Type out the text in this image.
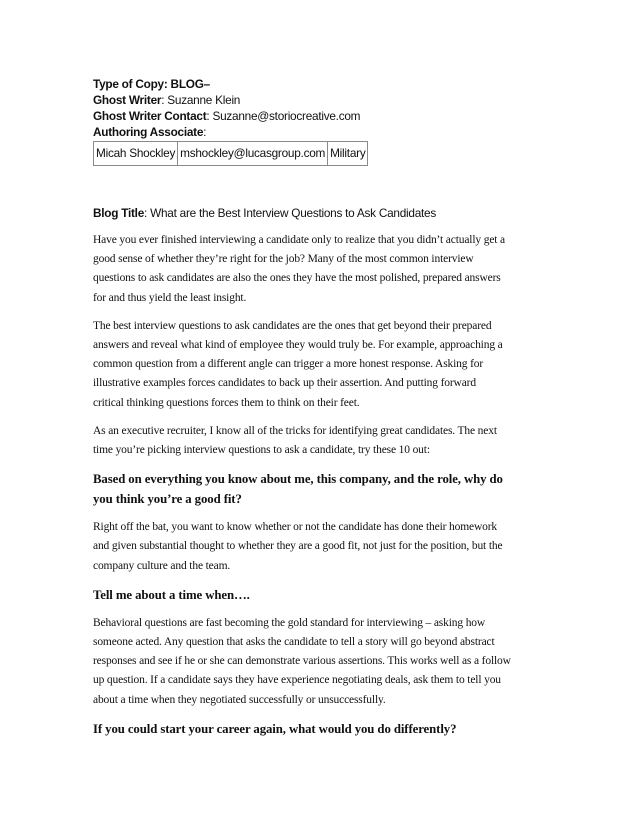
Type of Copy: BLOG–
Ghost Writer: Suzanne Klein
Ghost Writer Contact: Suzanne@storiocreative.com
Authoring Associate:
Micah Shockley	mshockley@lucasgroup.com	Military
Blog Title: What are the Best Interview Questions to Ask Candidates

Have you ever finished interviewing a candidate only to realize that you didn’t actually get a
good sense of whether they’re right for the job? Many of the most common interview
questions to ask candidates are also the ones they have the most polished, prepared answers
for and thus yield the least insight.

The best interview questions to ask candidates are the ones that get beyond their prepared
answers and reveal what kind of employee they would truly be. For example, approaching a
common question from a different angle can trigger a more honest response. Asking for
illustrative examples forces candidates to back up their assertion. And putting forward
critical thinking questions forces them to think on their feet.

As an executive recruiter, I know all of the tricks for identifying great candidates. The next
time you’re picking interview questions to ask a candidate, try these 10 out:

Based on everything you know about me, this company, and the role, why do
you think you’re a good fit?

Right off the bat, you want to know whether or not the candidate has done their homework
and given substantial thought to whether they are a good fit, not just for the position, but the
company culture and the team.

Tell me about a time when….

Behavioral questions are fast becoming the gold standard for interviewing – asking how
someone acted. Any question that asks the candidate to tell a story will go beyond abstract
responses and see if he or she can demonstrate various assertions. This works well as a follow
up question. If a candidate says they have experience negotiating deals, ask them to tell you
about a time when they negotiated successfully or unsuccessfully.

If you could start your career again, what would you do differently?
